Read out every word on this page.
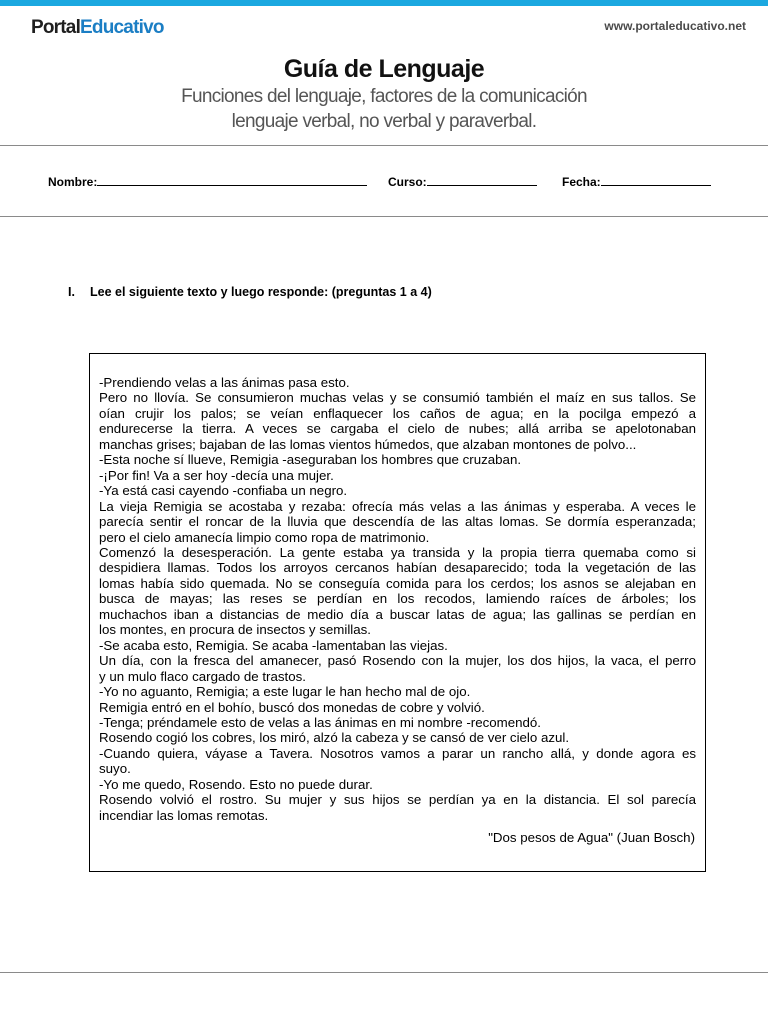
PortalEducativo	www.portaleducativo.net
Guía de Lenguaje
Funciones del lenguaje, factores de la comunicación
lenguaje verbal, no verbal y paraverbal.
Nombre:	Curso:	Fecha:
I. Lee el siguiente texto y luego responde: (preguntas 1 a 4)
-Prendiendo velas a las ánimas pasa esto.
Pero no llovía. Se consumieron muchas velas y se consumió también el maíz en sus tallos. Se
oían crujir los palos; se veían enflaquecer los caños de agua; en la pocilga empezó a
endurecerse la tierra. A veces se cargaba el cielo de nubes; allá arriba se apelotonaban
manchas grises; bajaban de las lomas vientos húmedos, que alzaban montones de polvo...
-Esta noche sí llueve, Remigia -aseguraban los hombres que cruzaban.
-¡Por fin! Va a ser hoy -decía una mujer.
-Ya está casi cayendo -confiaba un negro.
La vieja Remigia se acostaba y rezaba: ofrecía más velas a las ánimas y esperaba. A veces le
parecía sentir el roncar de la lluvia que descendía de las altas lomas. Se dormía esperanzada;
pero el cielo amanecía limpio como ropa de matrimonio.
Comenzó la desesperación. La gente estaba ya transida y la propia tierra quemaba como si
despidiera llamas. Todos los arroyos cercanos habían desaparecido; toda la vegetación de las
lomas había sido quemada. No se conseguía comida para los cerdos; los asnos se alejaban en
busca de mayas; las reses se perdían en los recodos, lamiendo raíces de árboles; los
muchachos iban a distancias de medio día a buscar latas de agua; las gallinas se perdían en
los montes, en procura de insectos y semillas.
-Se acaba esto, Remigia. Se acaba -lamentaban las viejas.
Un día, con la fresca del amanecer, pasó Rosendo con la mujer, los dos hijos, la vaca, el perro
y un mulo flaco cargado de trastos.
-Yo no aguanto, Remigia; a este lugar le han hecho mal de ojo.
Remigia entró en el bohío, buscó dos monedas de cobre y volvió.
-Tenga; préndamele esto de velas a las ánimas en mi nombre -recomendó.
Rosendo cogió los cobres, los miró, alzó la cabeza y se cansó de ver cielo azul.
-Cuando quiera, váyase a Tavera. Nosotros vamos a parar un rancho allá, y donde agora es
suyo.
-Yo me quedo, Rosendo. Esto no puede durar.
Rosendo volvió el rostro. Su mujer y sus hijos se perdían ya en la distancia. El sol parecía
incendiar las lomas remotas.
"Dos pesos de Agua" (Juan Bosch)
